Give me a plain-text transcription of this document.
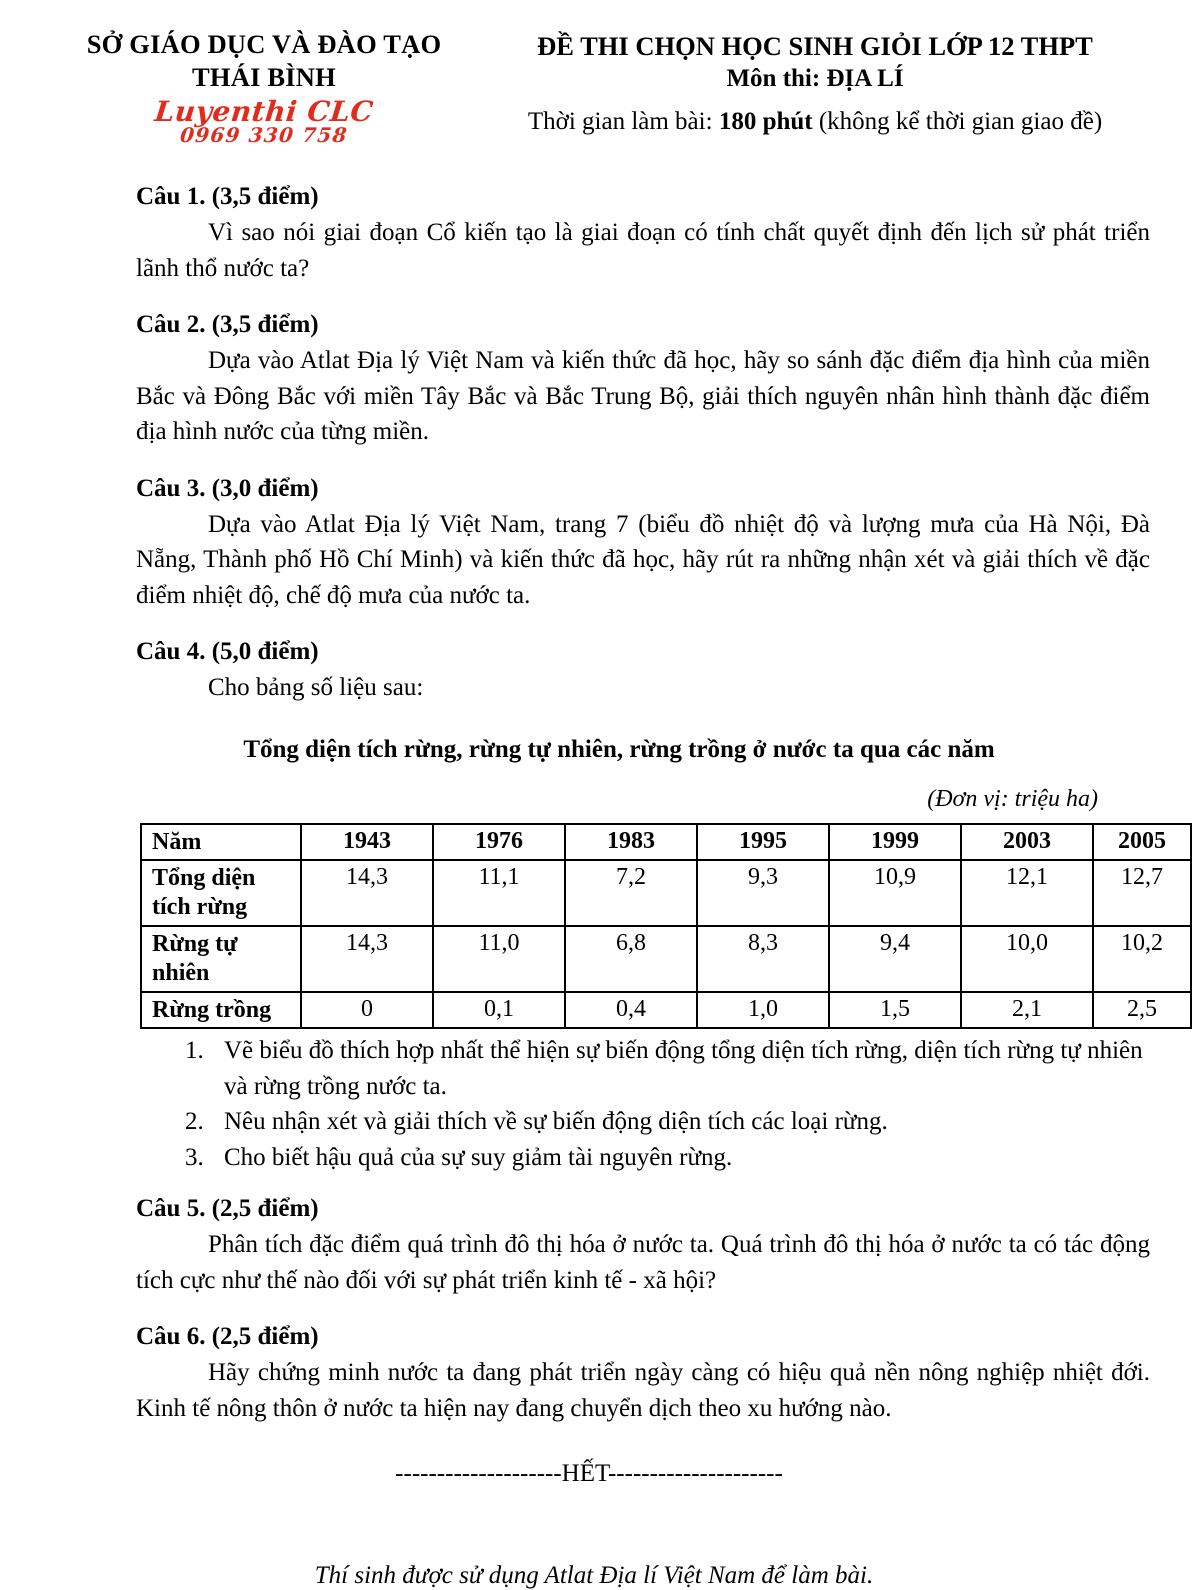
SỞ GIÁO DỤC VÀ ĐÀO TẠO
THÁI BÌNH
Luyenthi CLC
0969 330 758
ĐỀ THI CHỌN HỌC SINH GIỎI LỚP 12 THPT
Môn thi: ĐỊA LÍ
Thời gian làm bài: 180 phút (không kể thời gian giao đề)
Câu 1. (3,5 điểm)

Vì sao nói giai đoạn Cổ kiến tạo là giai đoạn có tính chất quyết định đến lịch sử phát triển lãnh thổ nước ta?

Câu 2. (3,5 điểm)

Dựa vào Atlat Địa lý Việt Nam và kiến thức đã học, hãy so sánh đặc điểm địa hình của miền Bắc và Đông Bắc với miền Tây Bắc và Bắc Trung Bộ, giải thích nguyên nhân hình thành đặc điểm địa hình nước của từng miền.

Câu 3. (3,0 điểm)

Dựa vào Atlat Địa lý Việt Nam, trang 7 (biểu đồ nhiệt độ và lượng mưa của Hà Nội, Đà Nẵng, Thành phố Hồ Chí Minh) và kiến thức đã học, hãy rút ra những nhận xét và giải thích về đặc điểm nhiệt độ, chế độ mưa của nước ta.

Câu 4. (5,0 điểm)

Cho bảng số liệu sau:

Tổng diện tích rừng, rừng tự nhiên, rừng trồng ở nước ta qua các năm
(Đơn vị: triệu ha)
Năm	1943	1976	1983	1995	1999	2003	2005
Tổng diện tích rừng	14,3	11,1	7,2	9,3	10,9	12,1	12,7
Rừng tự nhiên	14,3	11,0	6,8	8,3	9,4	10,0	10,2
Rừng trồng	0	0,1	0,4	1,0	1,5	2,1	2,5
1. Vẽ biểu đồ thích hợp nhất thể hiện sự biến động tổng diện tích rừng, diện tích rừng tự nhiên và rừng trồng nước ta.
2. Nêu nhận xét và giải thích về sự biến động diện tích các loại rừng.
3. Cho biết hậu quả của sự suy giảm tài nguyên rừng.
Câu 5. (2,5 điểm)

Phân tích đặc điểm quá trình đô thị hóa ở nước ta. Quá trình đô thị hóa ở nước ta có tác động tích cực như thế nào đối với sự phát triển kinh tế - xã hội?

Câu 6. (2,5 điểm)

Hãy chứng minh nước ta đang phát triển ngày càng có hiệu quả nền nông nghiệp nhiệt đới. Kinh tế nông thôn ở nước ta hiện nay đang chuyển dịch theo xu hướng nào.

--------------------HẾT---------------------
Thí sinh được sử dụng Atlat Địa lí Việt Nam để làm bài.
